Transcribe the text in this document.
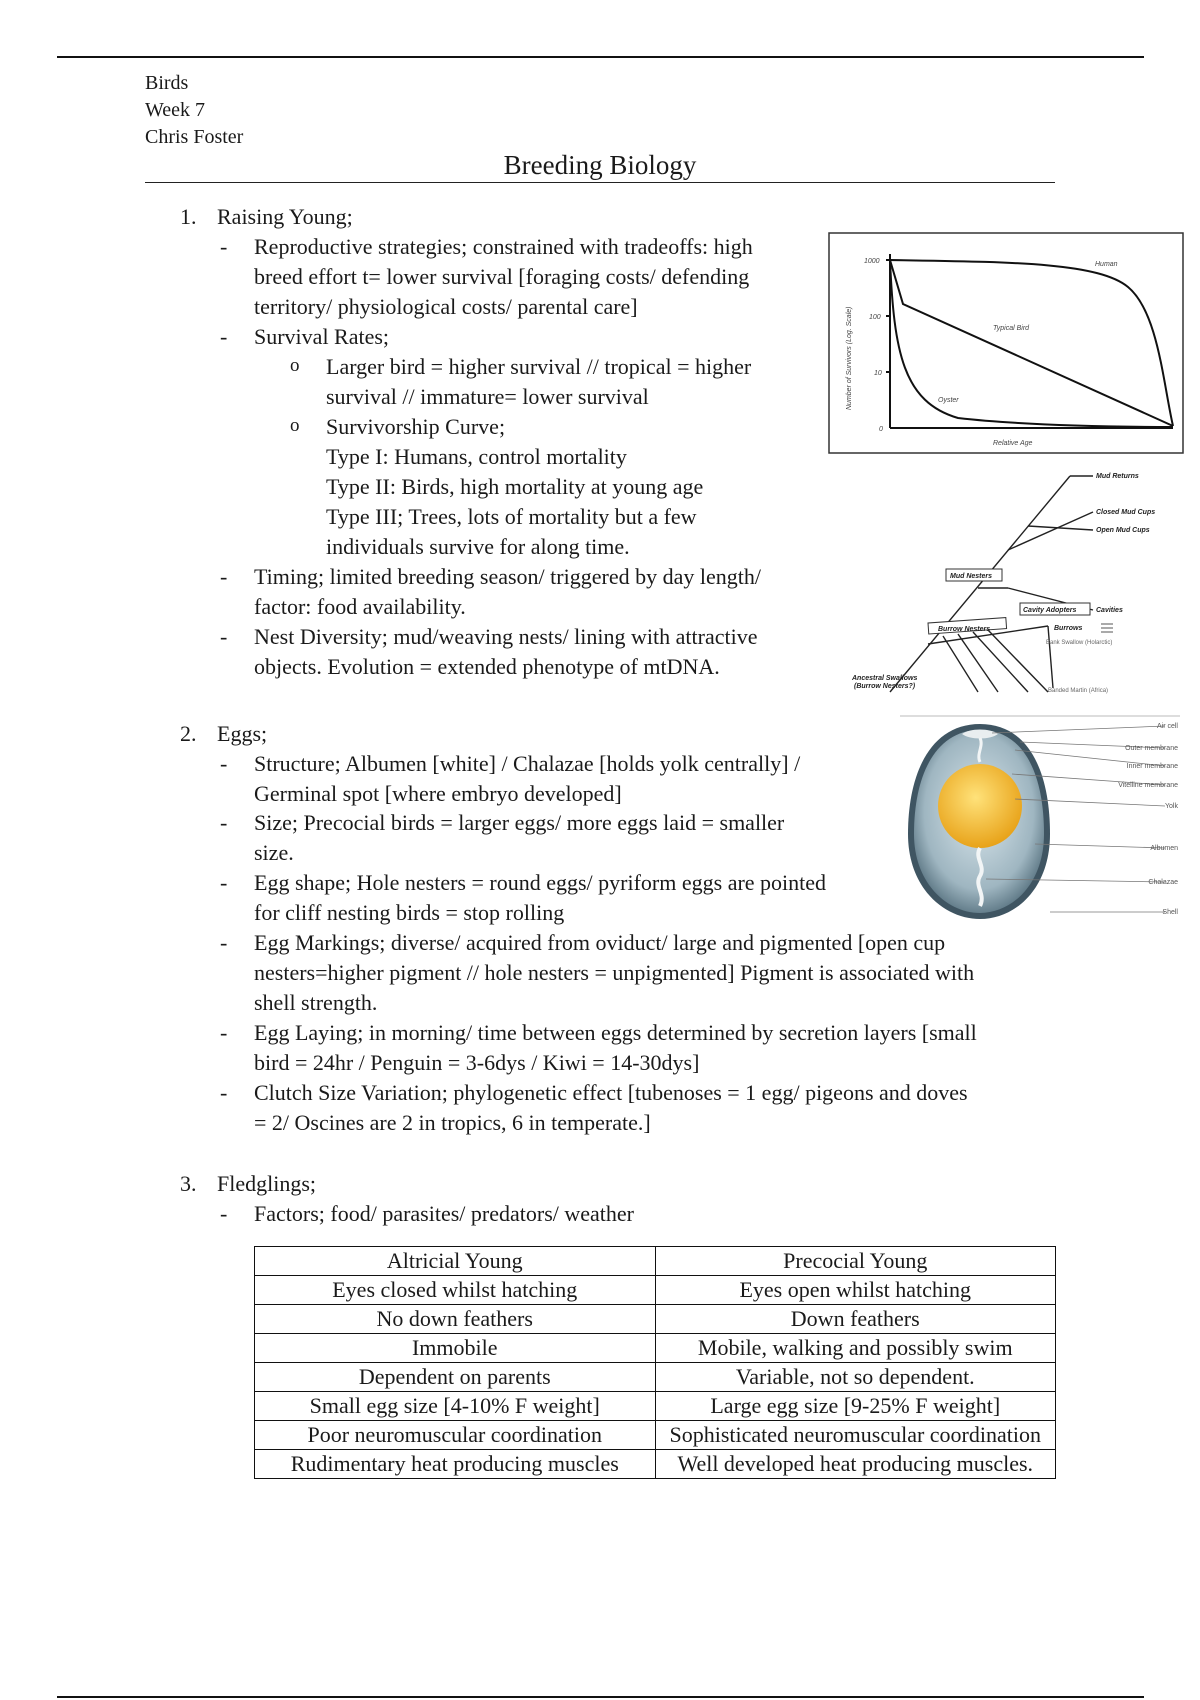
Birds
Week 7
Chris Foster
Breeding Biology
1. Raising Young;
- Reproductive strategies; constrained with tradeoffs: high
breed effort t= lower survival [foraging costs/ defending
territory/ physiological costs/ parental care]
- Survival Rates;
o Larger bird = higher survival // tropical = higher
survival // immature= lower survival
o Survivorship Curve;
Type I: Humans, control mortality
Type II: Birds, high mortality at young age
Type III; Trees, lots of mortality but a few
individuals survive for along time.
- Timing; limited breeding season/ triggered by day length/
factor: food availability.
- Nest Diversity; mud/weaving nests/ lining with attractive
objects. Evolution = extended phenotype of mtDNA.
1000
100
10
0
Number of Survivors (Log. Scale)
Relative Age
Human
Typical Bird
Oyster
Mud Returns
Closed Mud Cups
Open Mud Cups
Mud Nesters
Cavity Adopters	Cavities
Burrow Nesters	Burrows
Ancestral Swallows
(Burrow Nesters?)
Bank Swallow (Holarctic)
Banded Martin (Africa)
2. Eggs;
- Structure; Albumen [white] / Chalazae [holds yolk centrally] /
Germinal spot [where embryo developed]
- Size; Precocial birds = larger eggs/ more eggs laid = smaller
size.
- Egg shape; Hole nesters = round eggs/ pyriform eggs are pointed
for cliff nesting birds = stop rolling
- Egg Markings; diverse/ acquired from oviduct/ large and pigmented [open cup
nesters=higher pigment // hole nesters = unpigmented] Pigment is associated with
shell strength.
- Egg Laying; in morning/ time between eggs determined by secretion layers [small
bird = 24hr / Penguin = 3-6dys / Kiwi = 14-30dys]
- Clutch Size Variation; phylogenetic effect [tubenoses = 1 egg/ pigeons and doves
= 2/ Oscines are 2 in tropics, 6 in temperate.]
Air cell
Outer membrane
Inner membrane
Vitelline membrane
Yolk
Albumen
Chalazae
Shell
3. Fledglings;
- Factors; food/ parasites/ predators/ weather
Altricial Young	Precocial Young
Eyes closed whilst hatching	Eyes open whilst hatching
No down feathers	Down feathers
Immobile	Mobile, walking and possibly swim
Dependent on parents	Variable, not so dependent.
Small egg size [4-10% F weight]	Large egg size [9-25% F weight]
Poor neuromuscular coordination	Sophisticated neuromuscular coordination
Rudimentary heat producing muscles	Well developed heat producing muscles.
